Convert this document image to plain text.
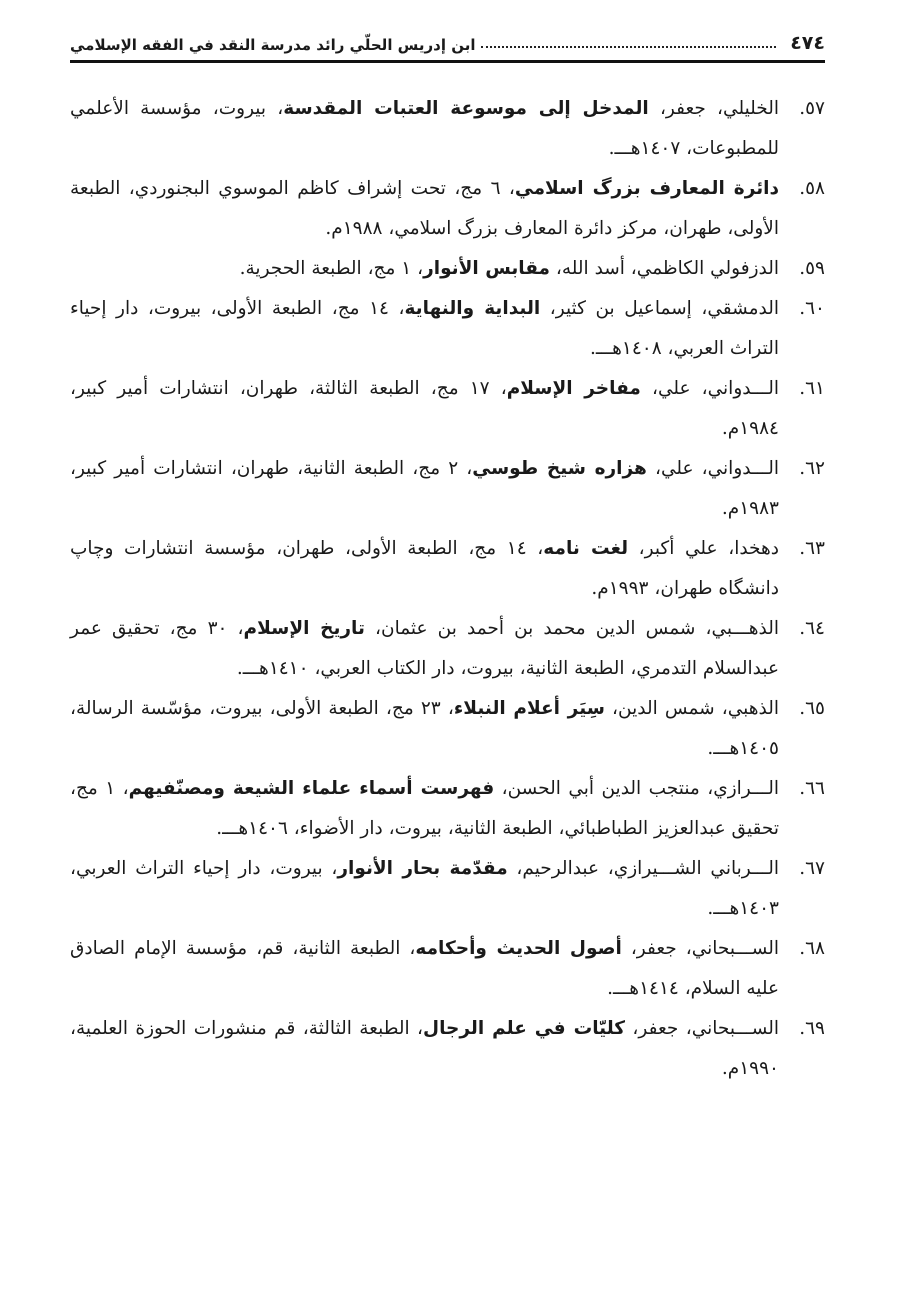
٤٧٤
ابن إدريس الحلّي رائد مدرسة النقد في الفقه الإسلامي
٥٧.
الخليلي، جعفر، المدخل إلى موسوعة العتبات المقدسة، بيروت، مؤسسة الأعلمي للمطبوعات، ١٤٠٧هـــ.
٥٨.
دائرة المعارف بزرگ اسلامي، ٦ مج، تحت إشراف كاظم الموسوي البجنوردي، الطبعة الأولى، طهران، مركز دائرة المعارف بزرگ اسلامي، ١٩٨٨م.
٥٩.
الدزفولي الكاظمي، أسد الله، مقابس الأنوار، ١ مج، الطبعة الحجرية.
٦٠.
الدمشقي، إسماعيل بن كثير، البداية والنهاية، ١٤ مج، الطبعة الأولى، بيروت، دار إحياء التراث العربي، ١٤٠٨هـــ.
٦١.
الـــدواني، علي، مفاخر الإسلام، ١٧ مج، الطبعة الثالثة، طهران، انتشارات أمير كبير، ١٩٨٤م.
٦٢.
الـــدواني، علي، هزاره شيخ طوسي، ٢ مج، الطبعة الثانية، طهران، انتشارات أمير كبير، ١٩٨٣م.
٦٣.
دهخدا، علي أكبر، لغت نامه، ١٤ مج، الطبعة الأولى، طهران، مؤسسة انتشارات وچاپ دانشگاه طهران، ١٩٩٣م.
٦٤.
الذهـــبي، شمس الدين محمد بن أحمد بن عثمان، تاريخ الإسلام، ٣٠ مج، تحقيق عمر عبدالسلام التدمري، الطبعة الثانية، بيروت، دار الكتاب العربي، ١٤١٠هـــ.
٦٥.
الذهبي، شمس الدين، سِيَر أعلام النبلاء، ٢٣ مج، الطبعة الأولى، بيروت، مؤسّسة الرسالة، ١٤٠٥هـــ.
٦٦.
الـــرازي، منتجب الدين أبي الحسن، فهرست أسماء علماء الشيعة ومصنّفيهم، ١ مج، تحقيق عبدالعزيز الطباطبائي، الطبعة الثانية، بيروت، دار الأضواء، ١٤٠٦هـــ.
٦٧.
الـــرباني الشـــيرازي، عبدالرحيم، مقدّمة بحار الأنوار، بيروت، دار إحياء التراث العربي، ١٤٠٣هـــ.
٦٨.
الســـبحاني، جعفر، أصول الحديث وأحكامه، الطبعة الثانية، قم، مؤسسة الإمام الصادق عليه السلام، ١٤١٤هـــ.
٦٩.
الســـبحاني، جعفر، كليّات في علم الرجال، الطبعة الثالثة، قم منشورات الحوزة العلمية، ١٩٩٠م.
